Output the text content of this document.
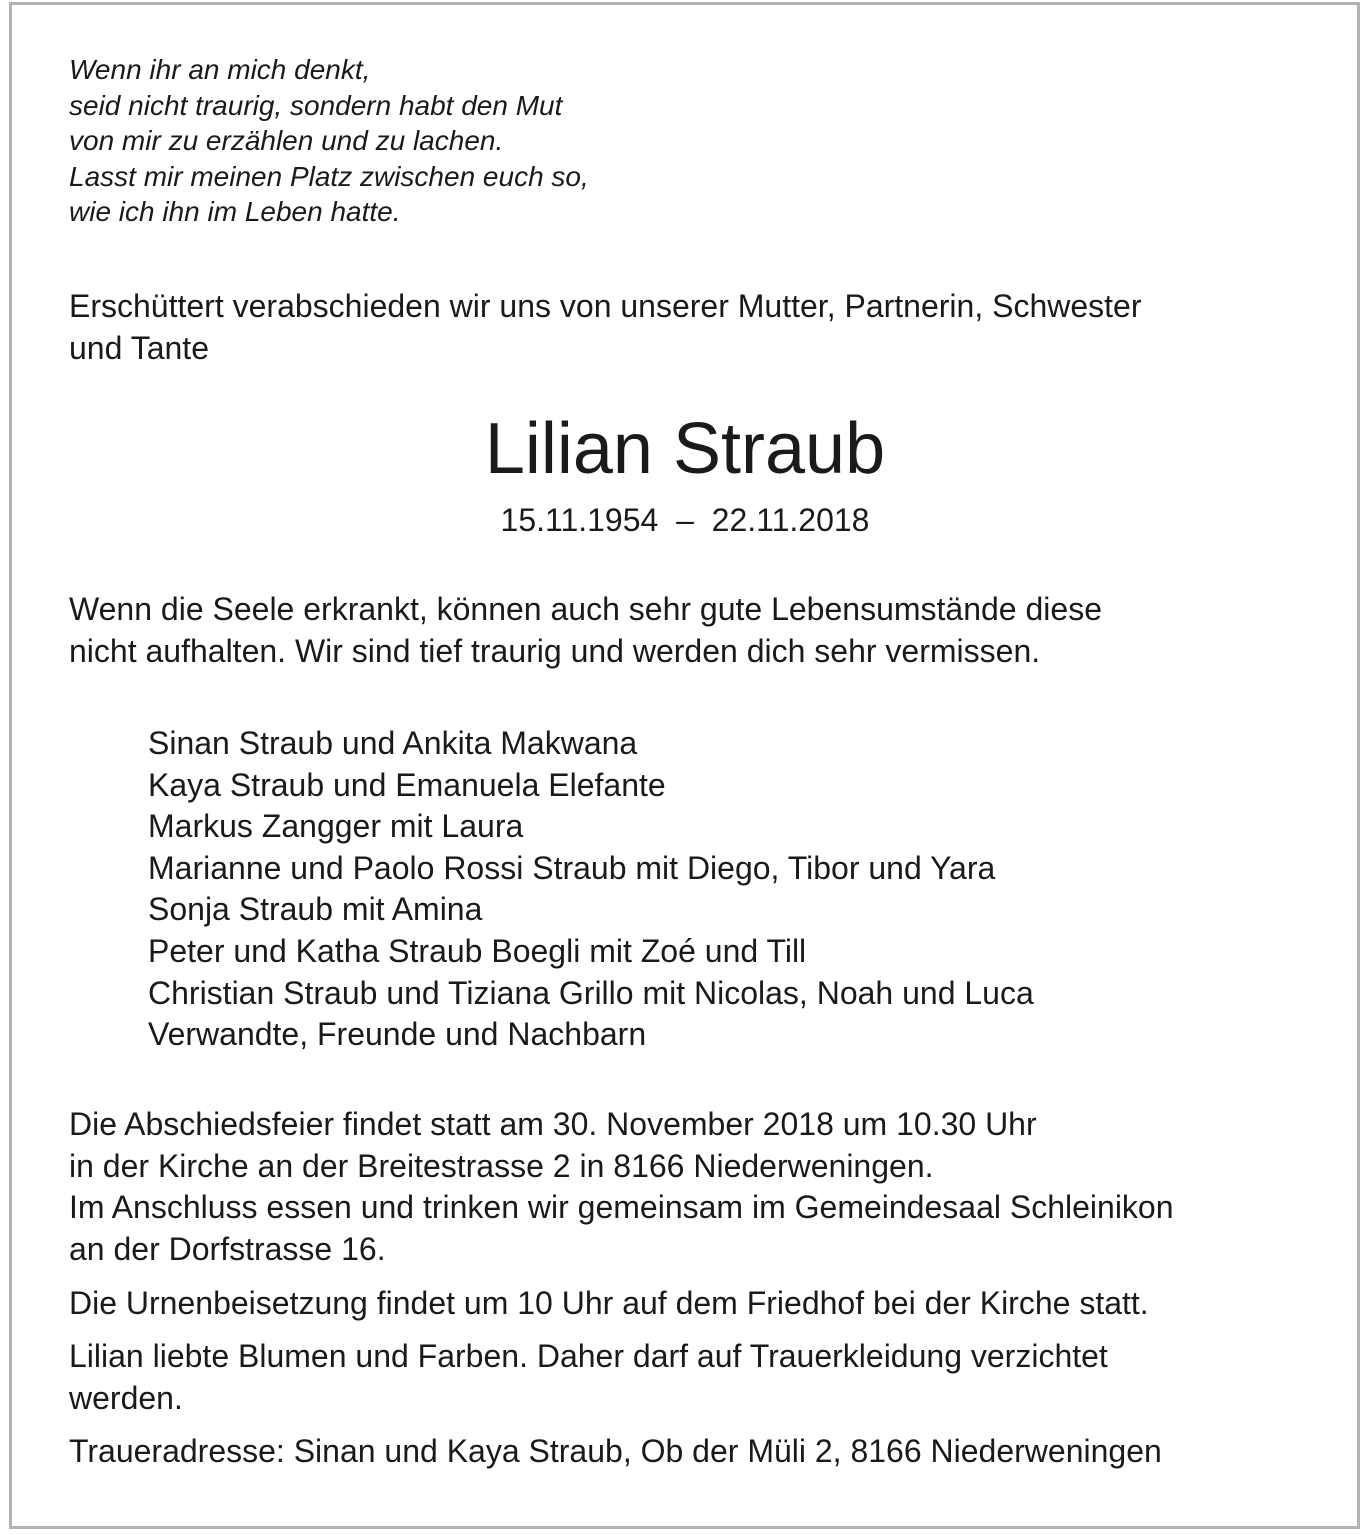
Wenn ihr an mich denkt,
seid nicht traurig, sondern habt den Mut
von mir zu erzählen und zu lachen.
Lasst mir meinen Platz zwischen euch so,
wie ich ihn im Leben hatte.
Erschüttert verabschieden wir uns von unserer Mutter, Partnerin, Schwester
und Tante
Lilian Straub
15.11.1954  –  22.11.2018
Wenn die Seele erkrankt, können auch sehr gute Lebensumstände diese
nicht aufhalten. Wir sind tief traurig und werden dich sehr vermissen.
Sinan Straub und Ankita Makwana
Kaya Straub und Emanuela Elefante
Markus Zangger mit Laura
Marianne und Paolo Rossi Straub mit Diego, Tibor und Yara
Sonja Straub mit Amina
Peter und Katha Straub Boegli mit Zoé und Till
Christian Straub und Tiziana Grillo mit Nicolas, Noah und Luca
Verwandte, Freunde und Nachbarn
Die Abschiedsfeier findet statt am 30. November 2018 um 10.30 Uhr
in der Kirche an der Breitestrasse 2 in 8166 Niederweningen.
Im Anschluss essen und trinken wir gemeinsam im Gemeindesaal Schleinikon
an der Dorfstrasse 16.
Die Urnenbeisetzung findet um 10 Uhr auf dem Friedhof bei der Kirche statt.
Lilian liebte Blumen und Farben. Daher darf auf Trauerkleidung verzichtet
werden.
Traueradresse: Sinan und Kaya Straub, Ob der Müli 2, 8166 Niederweningen
